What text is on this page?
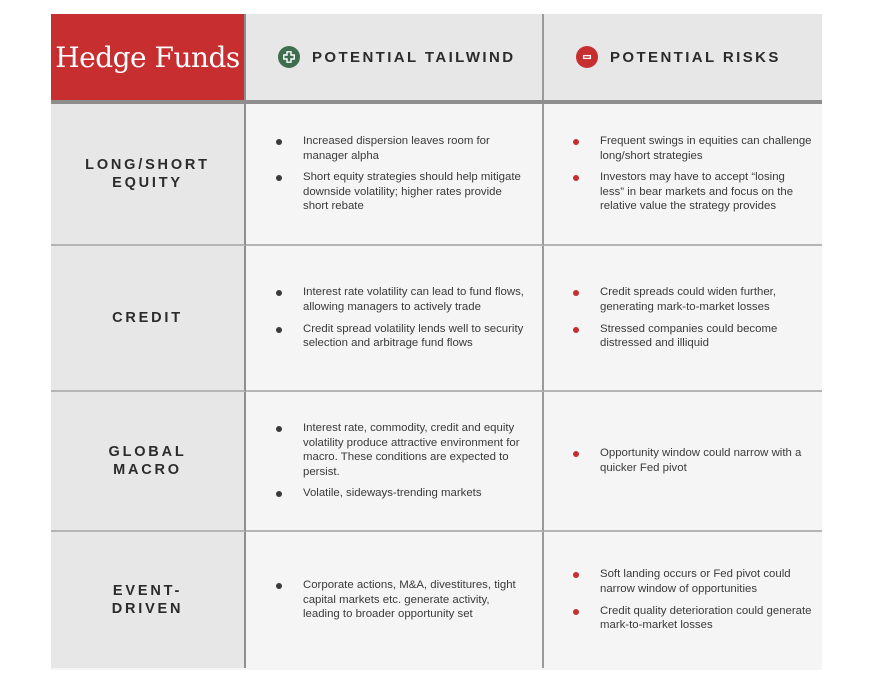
Hedge Funds	POTENTIAL TAILWIND	POTENTIAL RISKS
LONG/SHORT
EQUITY
Increased dispersion leaves room for manager alpha
Short equity strategies should help mitigate downside volatility; higher rates provide short rebate
Frequent swings in equities can challenge long/short strategies
Investors may have to accept “losing less” in bear markets and focus on the relative value the strategy provides
CREDIT
Interest rate volatility can lead to fund flows, allowing managers to actively trade
Credit spread volatility lends well to security selection and arbitrage fund flows
Credit spreads could widen further, generating mark-to-market losses
Stressed companies could become distressed and illiquid
GLOBAL
MACRO
Interest rate, commodity, credit and equity volatility produce attractive environment for macro. These conditions are expected to persist.
Volatile, sideways-trending markets
Opportunity window could narrow with a quicker Fed pivot
EVENT-
DRIVEN
Corporate actions, M&A, divestitures, tight capital markets etc. generate activity, leading to broader opportunity set
Soft landing occurs or Fed pivot could narrow window of opportunities
Credit quality deterioration could generate mark-to-market losses
